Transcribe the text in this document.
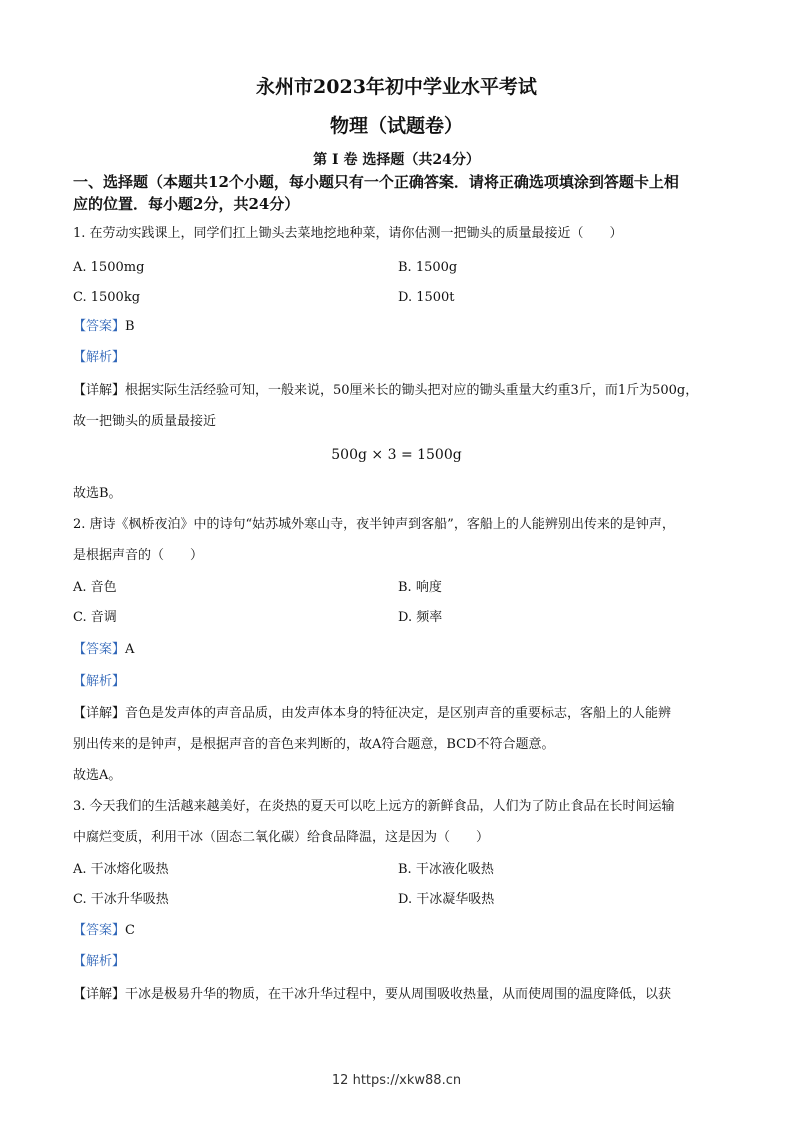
永州市2023年初中学业水平考试
物理（试题卷）
第 I 卷 选择题（共24分）
一、选择题（本题共12个小题，每小题只有一个正确答案．请将正确选项填涂到答题卡上相
应的位置．每小题2分，共24分）
1. 在劳动实践课上，同学们扛上锄头去菜地挖地种菜，请你估测一把锄头的质量最接近（　　）
A. 1500mg	B. 1500g
C. 1500kg	D. 1500t
【答案】B
【解析】
【详解】根据实际生活经验可知，一般来说，50厘米长的锄头把对应的锄头重量大约重3斤，而1斤为500g，
故一把锄头的质量最接近
500g × 3 = 1500g
故选B。
2. 唐诗《枫桥夜泊》中的诗句“姑苏城外寒山寺，夜半钟声到客船”，客船上的人能辨别出传来的是钟声，
是根据声音的（　　）
A. 音色	B. 响度
C. 音调	D. 频率
【答案】A
【解析】
【详解】音色是发声体的声音品质，由发声体本身的特征决定，是区别声音的重要标志，客船上的人能辨
别出传来的是钟声，是根据声音的音色来判断的，故A符合题意，BCD不符合题意。
故选A。
3. 今天我们的生活越来越美好，在炎热的夏天可以吃上远方的新鲜食品，人们为了防止食品在长时间运输
中腐烂变质，利用干冰（固态二氧化碳）给食品降温，这是因为（　　）
A. 干冰熔化吸热	B. 干冰液化吸热
C. 干冰升华吸热	D. 干冰凝华吸热
【答案】C
【解析】
【详解】干冰是极易升华的物质，在干冰升华过程中，要从周围吸收热量，从而使周围的温度降低，以获
12 https://xkw88.cn
